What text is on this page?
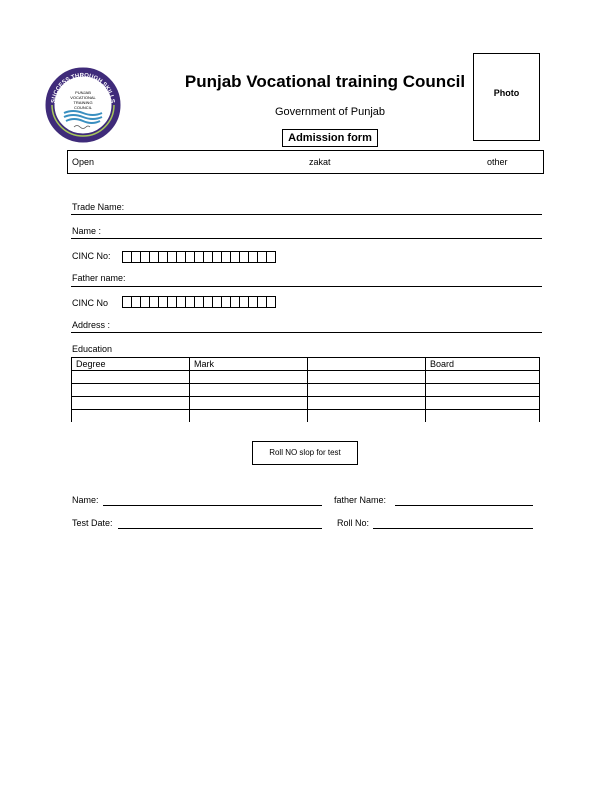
SUCCESS THROUGH SKILLS
PUNJAB
VOCATIONAL
TRAINING
COUNCIL
Punjab Vocational training Council
Government of Punjab
Admission form
Photo
Open	zakat	other
Trade Name:
Name :
CINC No:
Father name:
CINC No
Address :
Education
Degree	Mark		Board

Roll NO slop for test
Name:	father Name:
Test Date:	Roll No:
